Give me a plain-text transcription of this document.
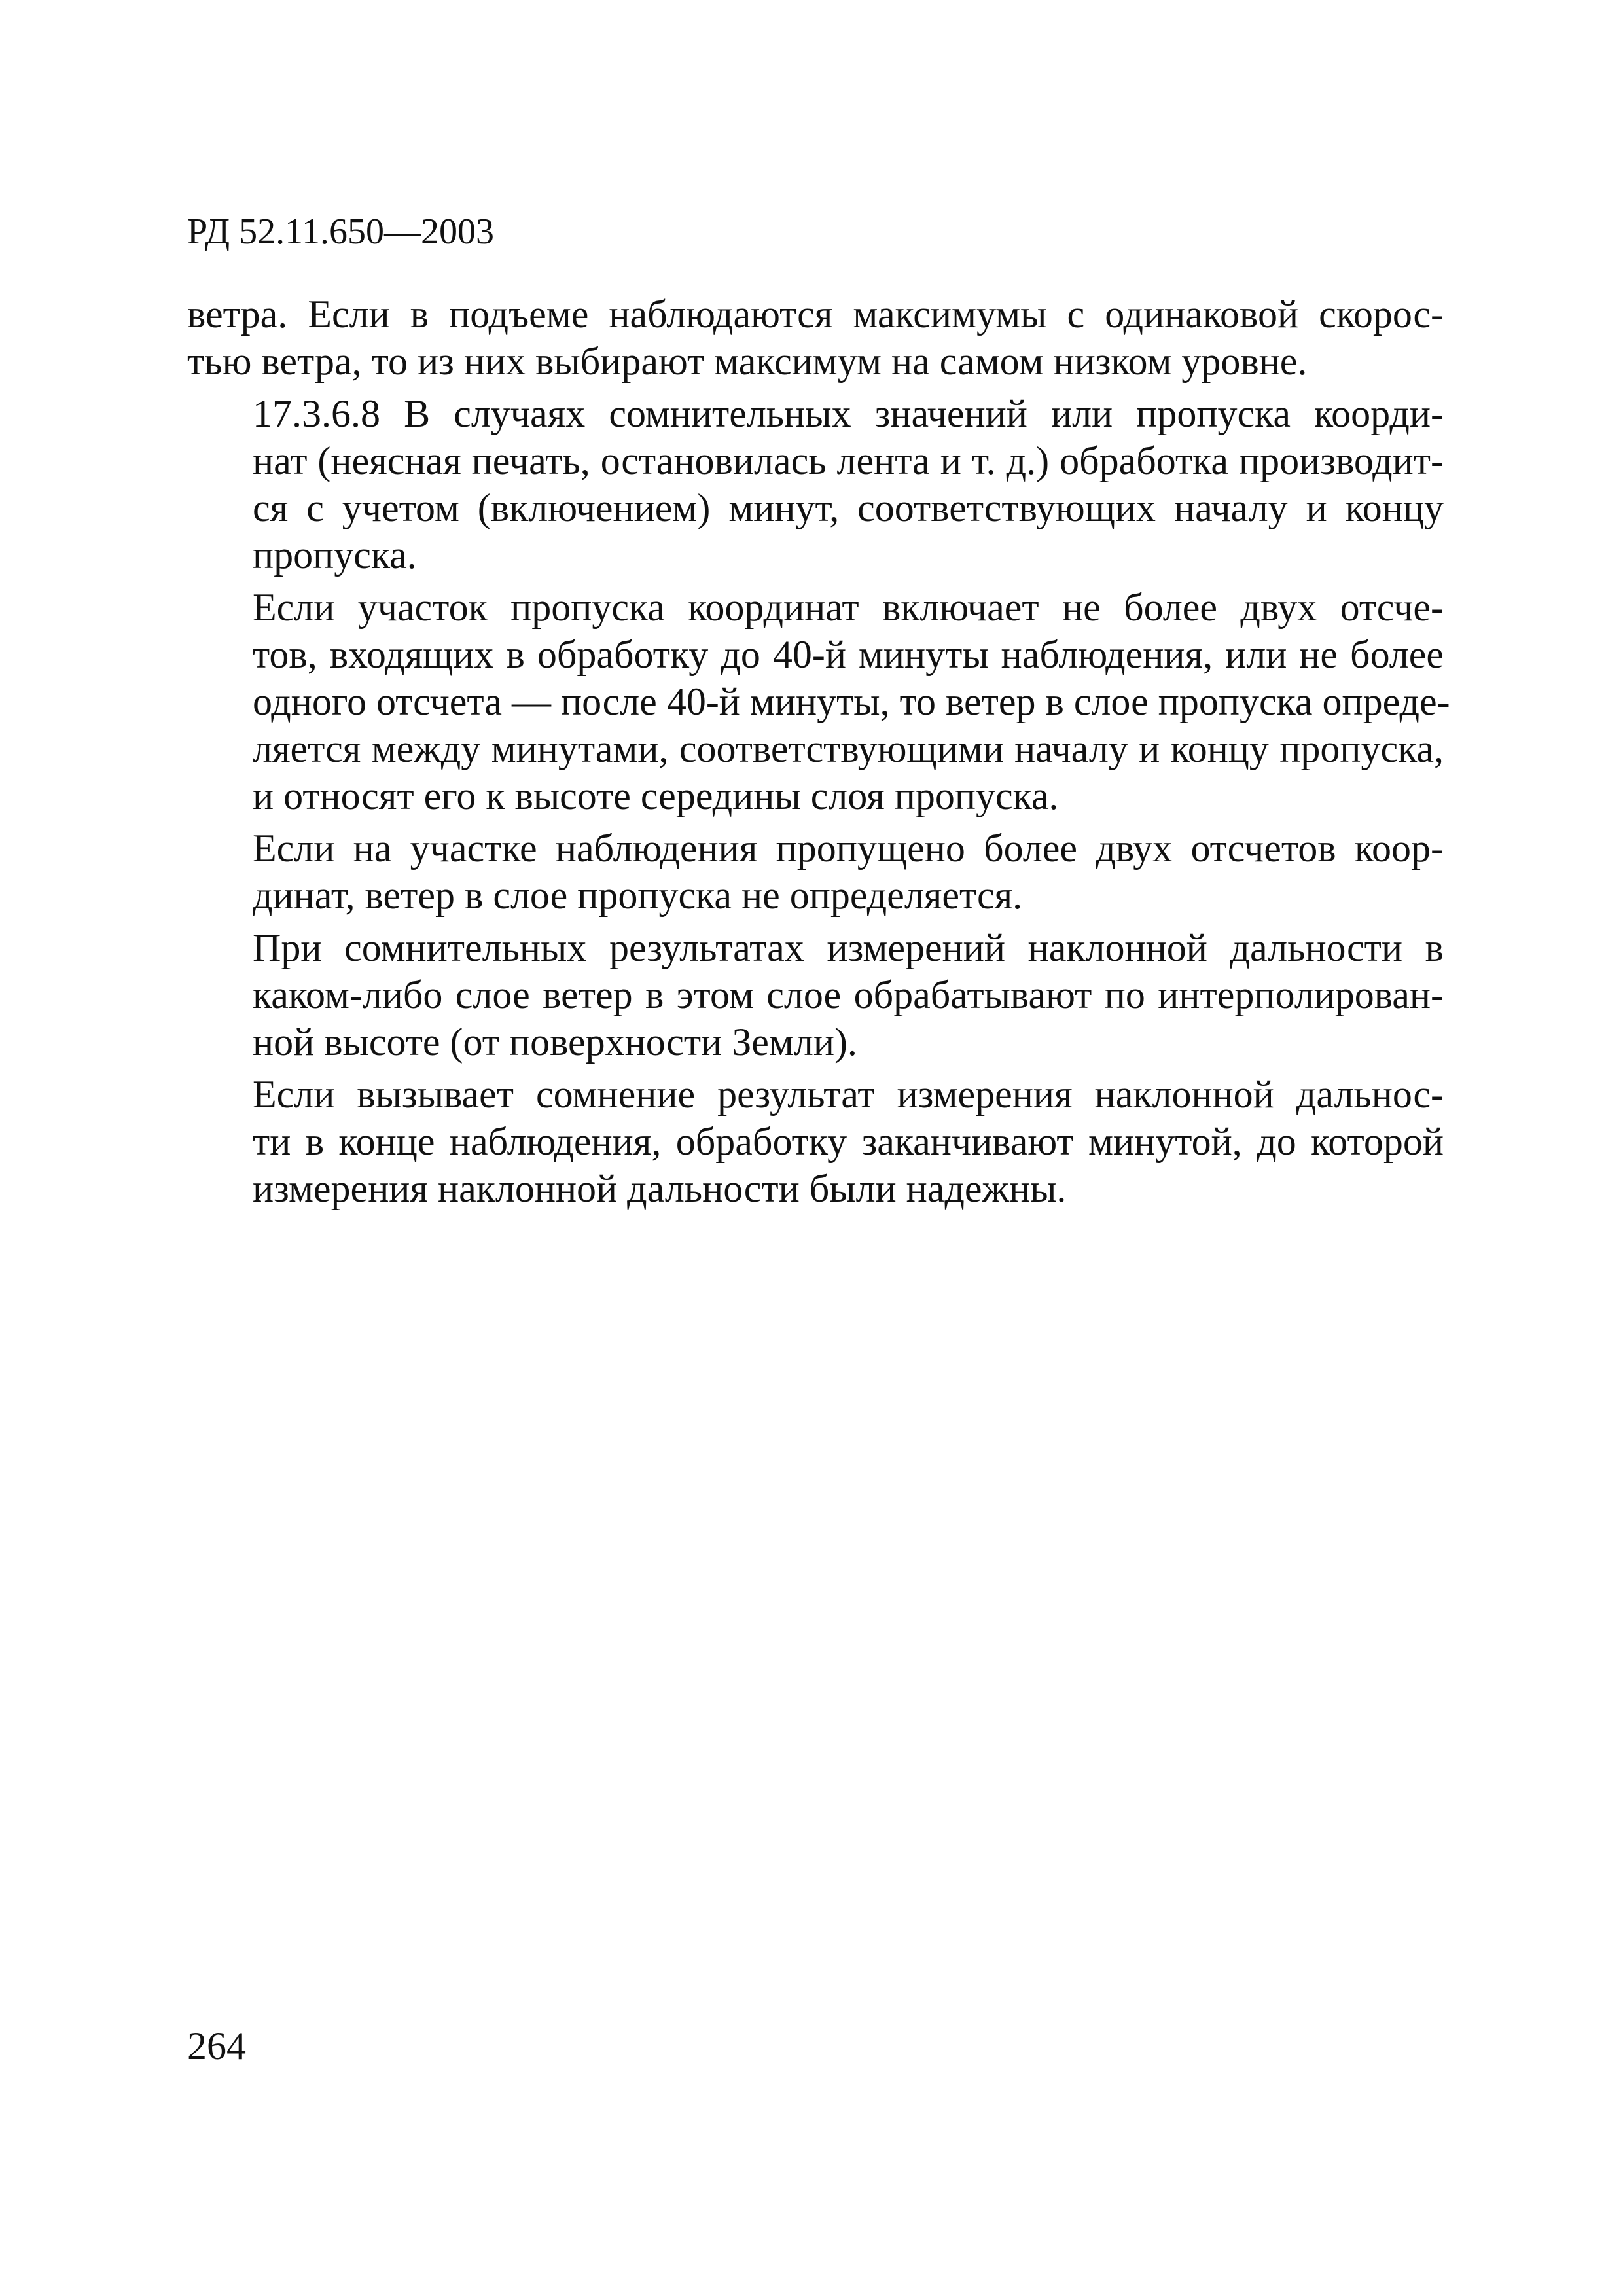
РД 52.11.650—2003

ветра. Если в подъеме наблюдаются максимумы с одинаковой скорос-
тью ветра, то из них выбирают максимум на самом низком уровне.

17.3.6.8 В случаях сомнительных значений или пропуска коорди-
нат (неясная печать, остановилась лента и т. д.) обработка производит-
ся с учетом (включением) минут, соответствующих началу и концу
пропуска.

Если участок пропуска координат включает не более двух отсче-
тов, входящих в обработку до 40-й минуты наблюдения, или не более
одного отсчета — после 40-й минуты, то ветер в слое пропуска опреде-
ляется между минутами, соответствующими началу и концу пропуска,
и относят его к высоте середины слоя пропуска.

Если на участке наблюдения пропущено более двух отсчетов коор-
динат, ветер в слое пропуска не определяется.

При сомнительных результатах измерений наклонной дальности в
каком-либо слое ветер в этом слое обрабатывают по интерполирован-
ной высоте (от поверхности Земли).

Если вызывает сомнение результат измерения наклонной дальнос-
ти в конце наблюдения, обработку заканчивают минутой, до которой
измерения наклонной дальности были надежны.

264
